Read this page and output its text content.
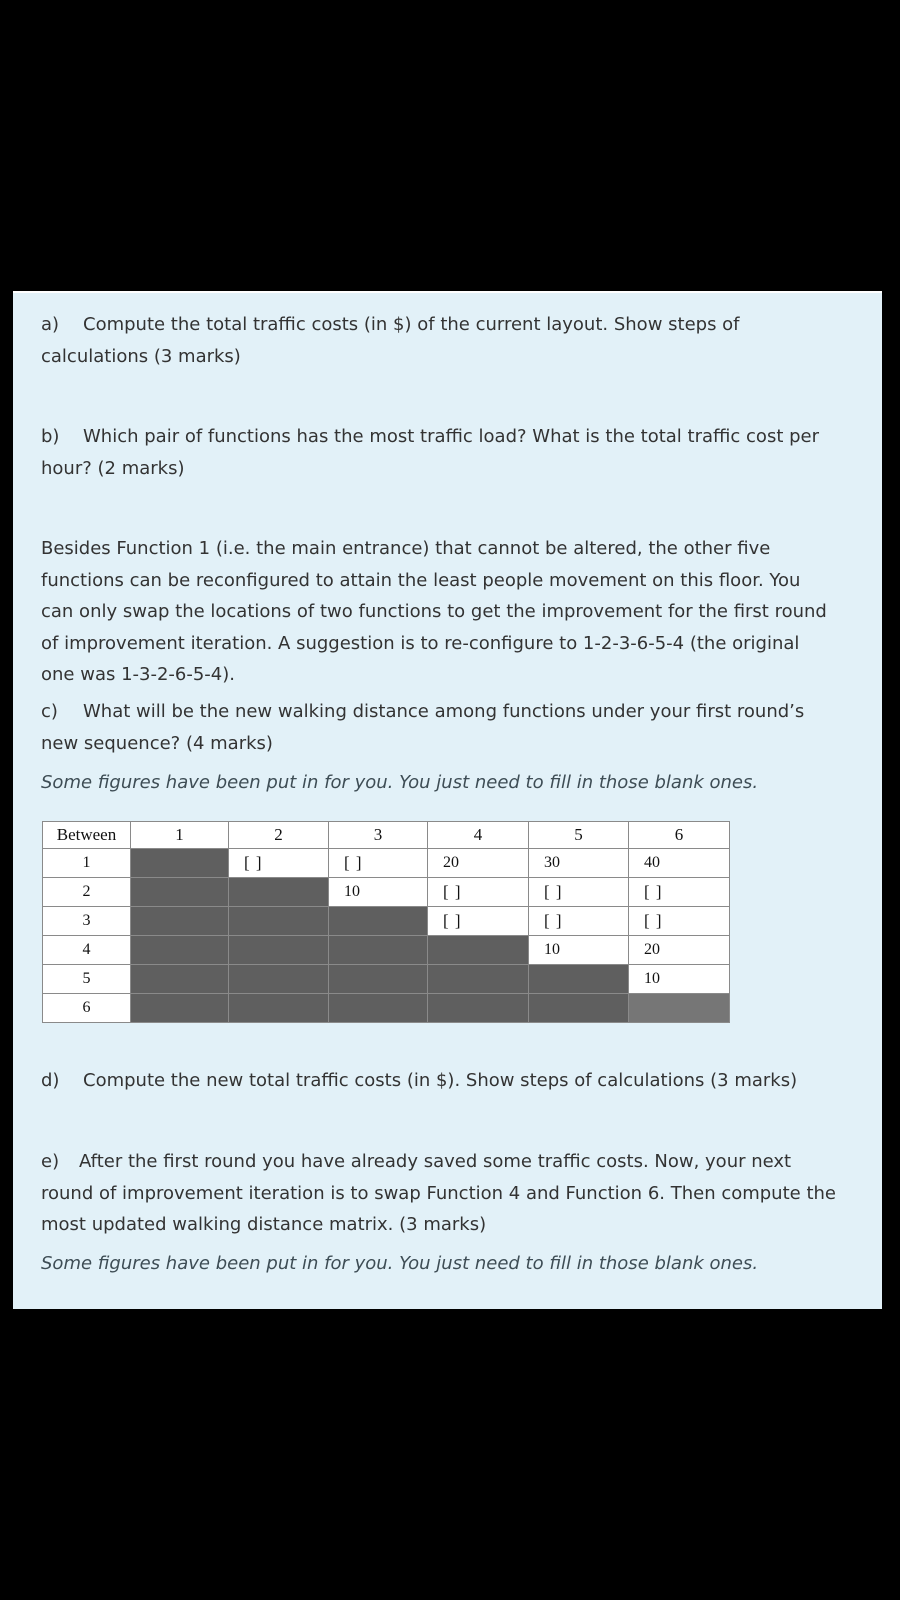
a) Compute the total traffic costs (in $) of the current layout. Show steps of
calculations (3 marks)
b) Which pair of functions has the most traffic load? What is the total traffic cost per
hour? (2 marks)
Besides Function 1 (i.e. the main entrance) that cannot be altered, the other five
functions can be reconfigured to attain the least people movement on this floor. You
can only swap the locations of two functions to get the improvement for the first round
of improvement iteration. A suggestion is to re-configure to 1-2-3-6-5-4 (the original
one was 1-3-2-6-5-4).
c) What will be the new walking distance among functions under your first round’s
new sequence? (4 marks)
Some figures have been put in for you. You just need to fill in those blank ones.
Between	1	2	3	4	5	6
1		[ ]	[ ]	20	30	40
2			10	[ ]	[ ]	[ ]
3				[ ]	[ ]	[ ]
4					10	20
5						10
6						
d) Compute the new total traffic costs (in $). Show steps of calculations (3 marks)
e) After the first round you have already saved some traffic costs. Now, your next
round of improvement iteration is to swap Function 4 and Function 6. Then compute the
most updated walking distance matrix. (3 marks)
Some figures have been put in for you. You just need to fill in those blank ones.
